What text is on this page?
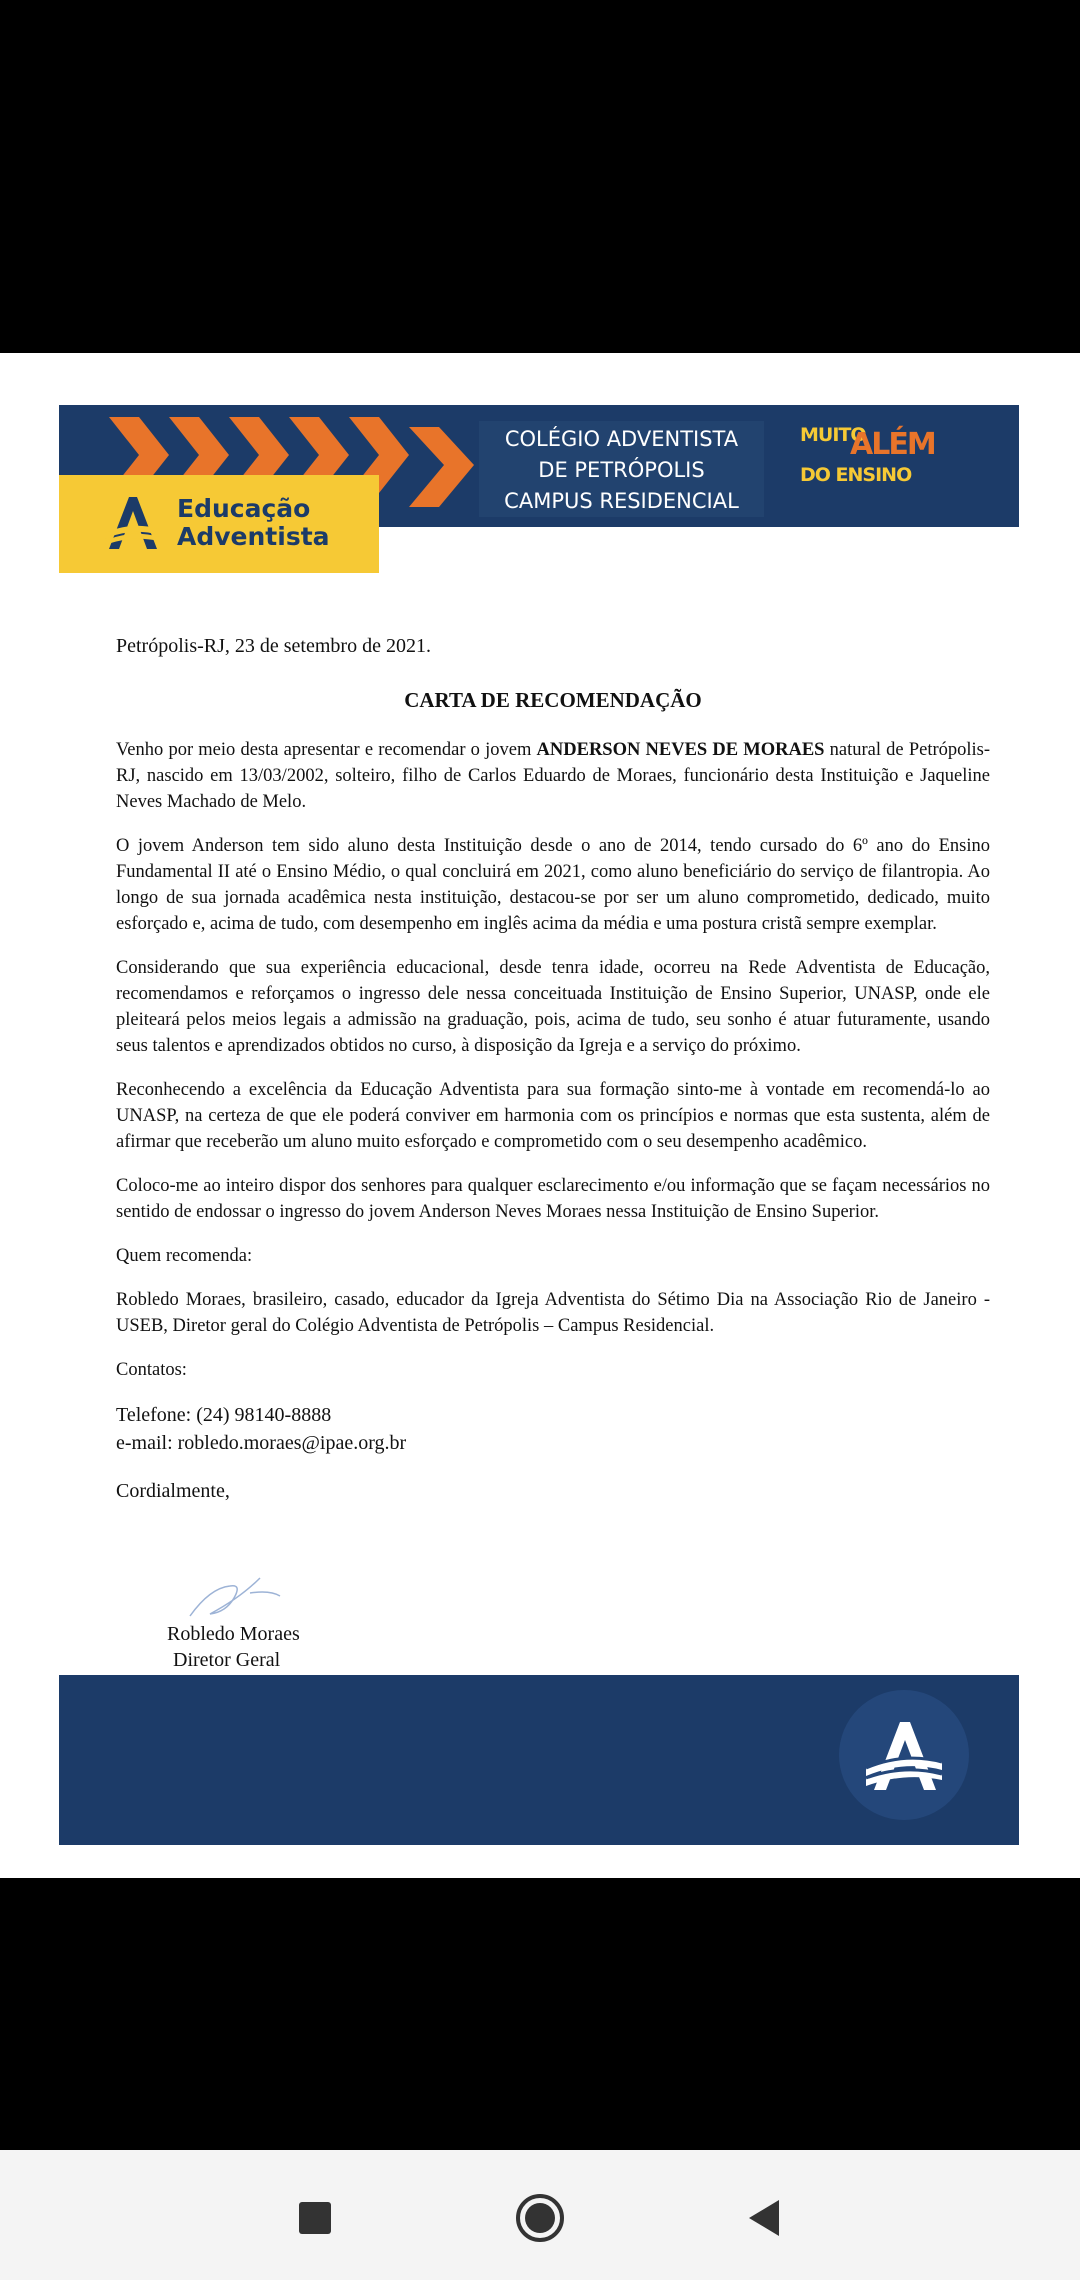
Educação
Adventista
COLÉGIO ADVENTISTA
DE PETRÓPOLIS
CAMPUS RESIDENCIAL
MUITO
ALÉM
DO ENSINO

Petrópolis-RJ, 23 de setembro de 2021.

CARTA DE RECOMENDAÇÃO

Venho por meio desta apresentar e recomendar o jovem ANDERSON NEVES DE MORAES natural de Petrópolis-RJ, nascido em 13/03/2002, solteiro, filho de Carlos Eduardo de Moraes, funcionário desta Instituição e Jaqueline Neves Machado de Melo.

O jovem Anderson tem sido aluno desta Instituição desde o ano de 2014, tendo cursado do 6º ano do Ensino Fundamental II até o Ensino Médio, o qual concluirá em 2021, como aluno beneficiário do serviço de filantropia. Ao longo de sua jornada acadêmica nesta instituição, destacou-se por ser um aluno comprometido, dedicado, muito esforçado e, acima de tudo, com desempenho em inglês acima da média e uma postura cristã sempre exemplar.

Considerando que sua experiência educacional, desde tenra idade, ocorreu na Rede Adventista de Educação, recomendamos e reforçamos o ingresso dele nessa conceituada Instituição de Ensino Superior, UNASP, onde ele pleiteará pelos meios legais a admissão na graduação, pois, acima de tudo, seu sonho é atuar futuramente, usando seus talentos e aprendizados obtidos no curso, à disposição da Igreja e a serviço do próximo.

Reconhecendo a excelência da Educação Adventista para sua formação sinto-me à vontade em recomendá-lo ao UNASP, na certeza de que ele poderá conviver em harmonia com os princípios e normas que esta sustenta, além de afirmar que receberão um aluno muito esforçado e comprometido com o seu desempenho acadêmico.

Coloco-me ao inteiro dispor dos senhores para qualquer esclarecimento e/ou informação que se façam necessários no sentido de endossar o ingresso do jovem Anderson Neves Moraes nessa Instituição de Ensino Superior.

Quem recomenda:

Robledo Moraes, brasileiro, casado, educador da Igreja Adventista do Sétimo Dia na Associação Rio de Janeiro - USEB, Diretor geral do Colégio Adventista de Petrópolis – Campus Residencial.

Contatos:

Telefone: (24) 98140-8888
e-mail: robledo.moraes@ipae.org.br

Cordialmente,

Robledo Moraes
Diretor Geral
